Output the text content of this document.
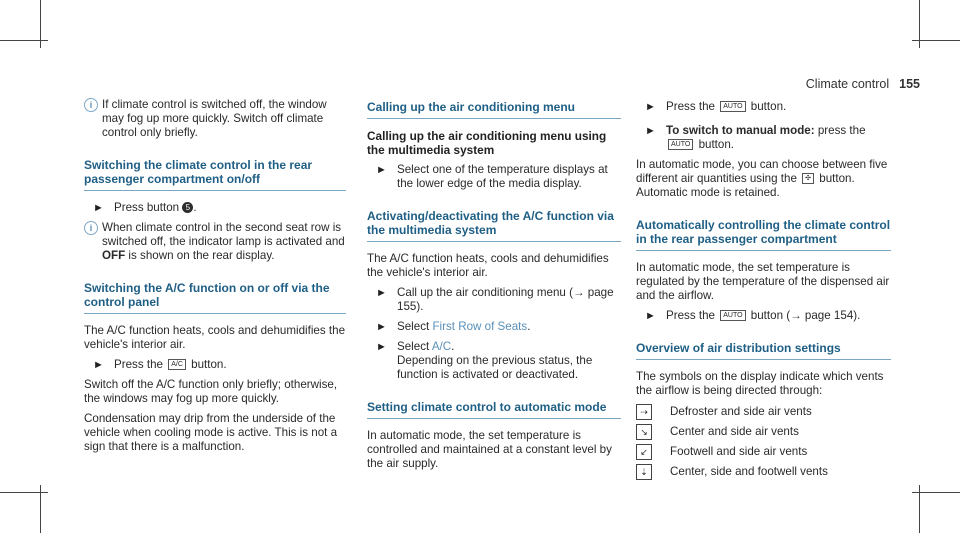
Climate control 155
i If climate control is switched off, the window may fog up more quickly. Switch off climate control only briefly.
Switching the climate control in the rear passenger compartment on/off
► Press button 5 .
i When climate control in the second seat row is switched off, the indicator lamp is activated and OFF is shown on the rear display.
Switching the A/C function on or off via the control panel

The A/C function heats, cools and dehumidifies the vehicle's interior air.

► Press the A/C button.

Switch off the A/C function only briefly; otherwise, the windows may fog up more quickly.

Condensation may drip from the underside of the vehicle when cooling mode is active. This is not a sign that there is a malfunction.

Calling up the air conditioning menu
Calling up the air conditioning menu using the multimedia system
► Select one of the temperature displays at the lower edge of the media display.
Activating/deactivating the A/C function via the multimedia system

The A/C function heats, cools and dehumidifies the vehicle's interior air.

► Call up the air conditioning menu (→ page 155).
► Select First Row of Seats.
► Select A/C.
Depending on the previous status, the function is activated or deactivated.
Setting climate control to automatic mode

In automatic mode, the set temperature is controlled and maintained at a constant level by the air supply.

► Press the AUTO button.
► To switch to manual mode: press the AUTO button.

In automatic mode, you can choose between five different air quantities using the ✣ button. Automatic mode is retained.

Automatically controlling the climate control in the rear passenger compartment

In automatic mode, the set temperature is regulated by the temperature of the dispensed air and the airflow.

► Press the AUTO button (→ page 154).
Overview of air distribution settings

The symbols on the display indicate which vents the airflow is being directed through:

⇢	Defroster and side air vents
↘	Center and side air vents
↙	Footwell and side air vents
⇣	Center, side and footwell vents
